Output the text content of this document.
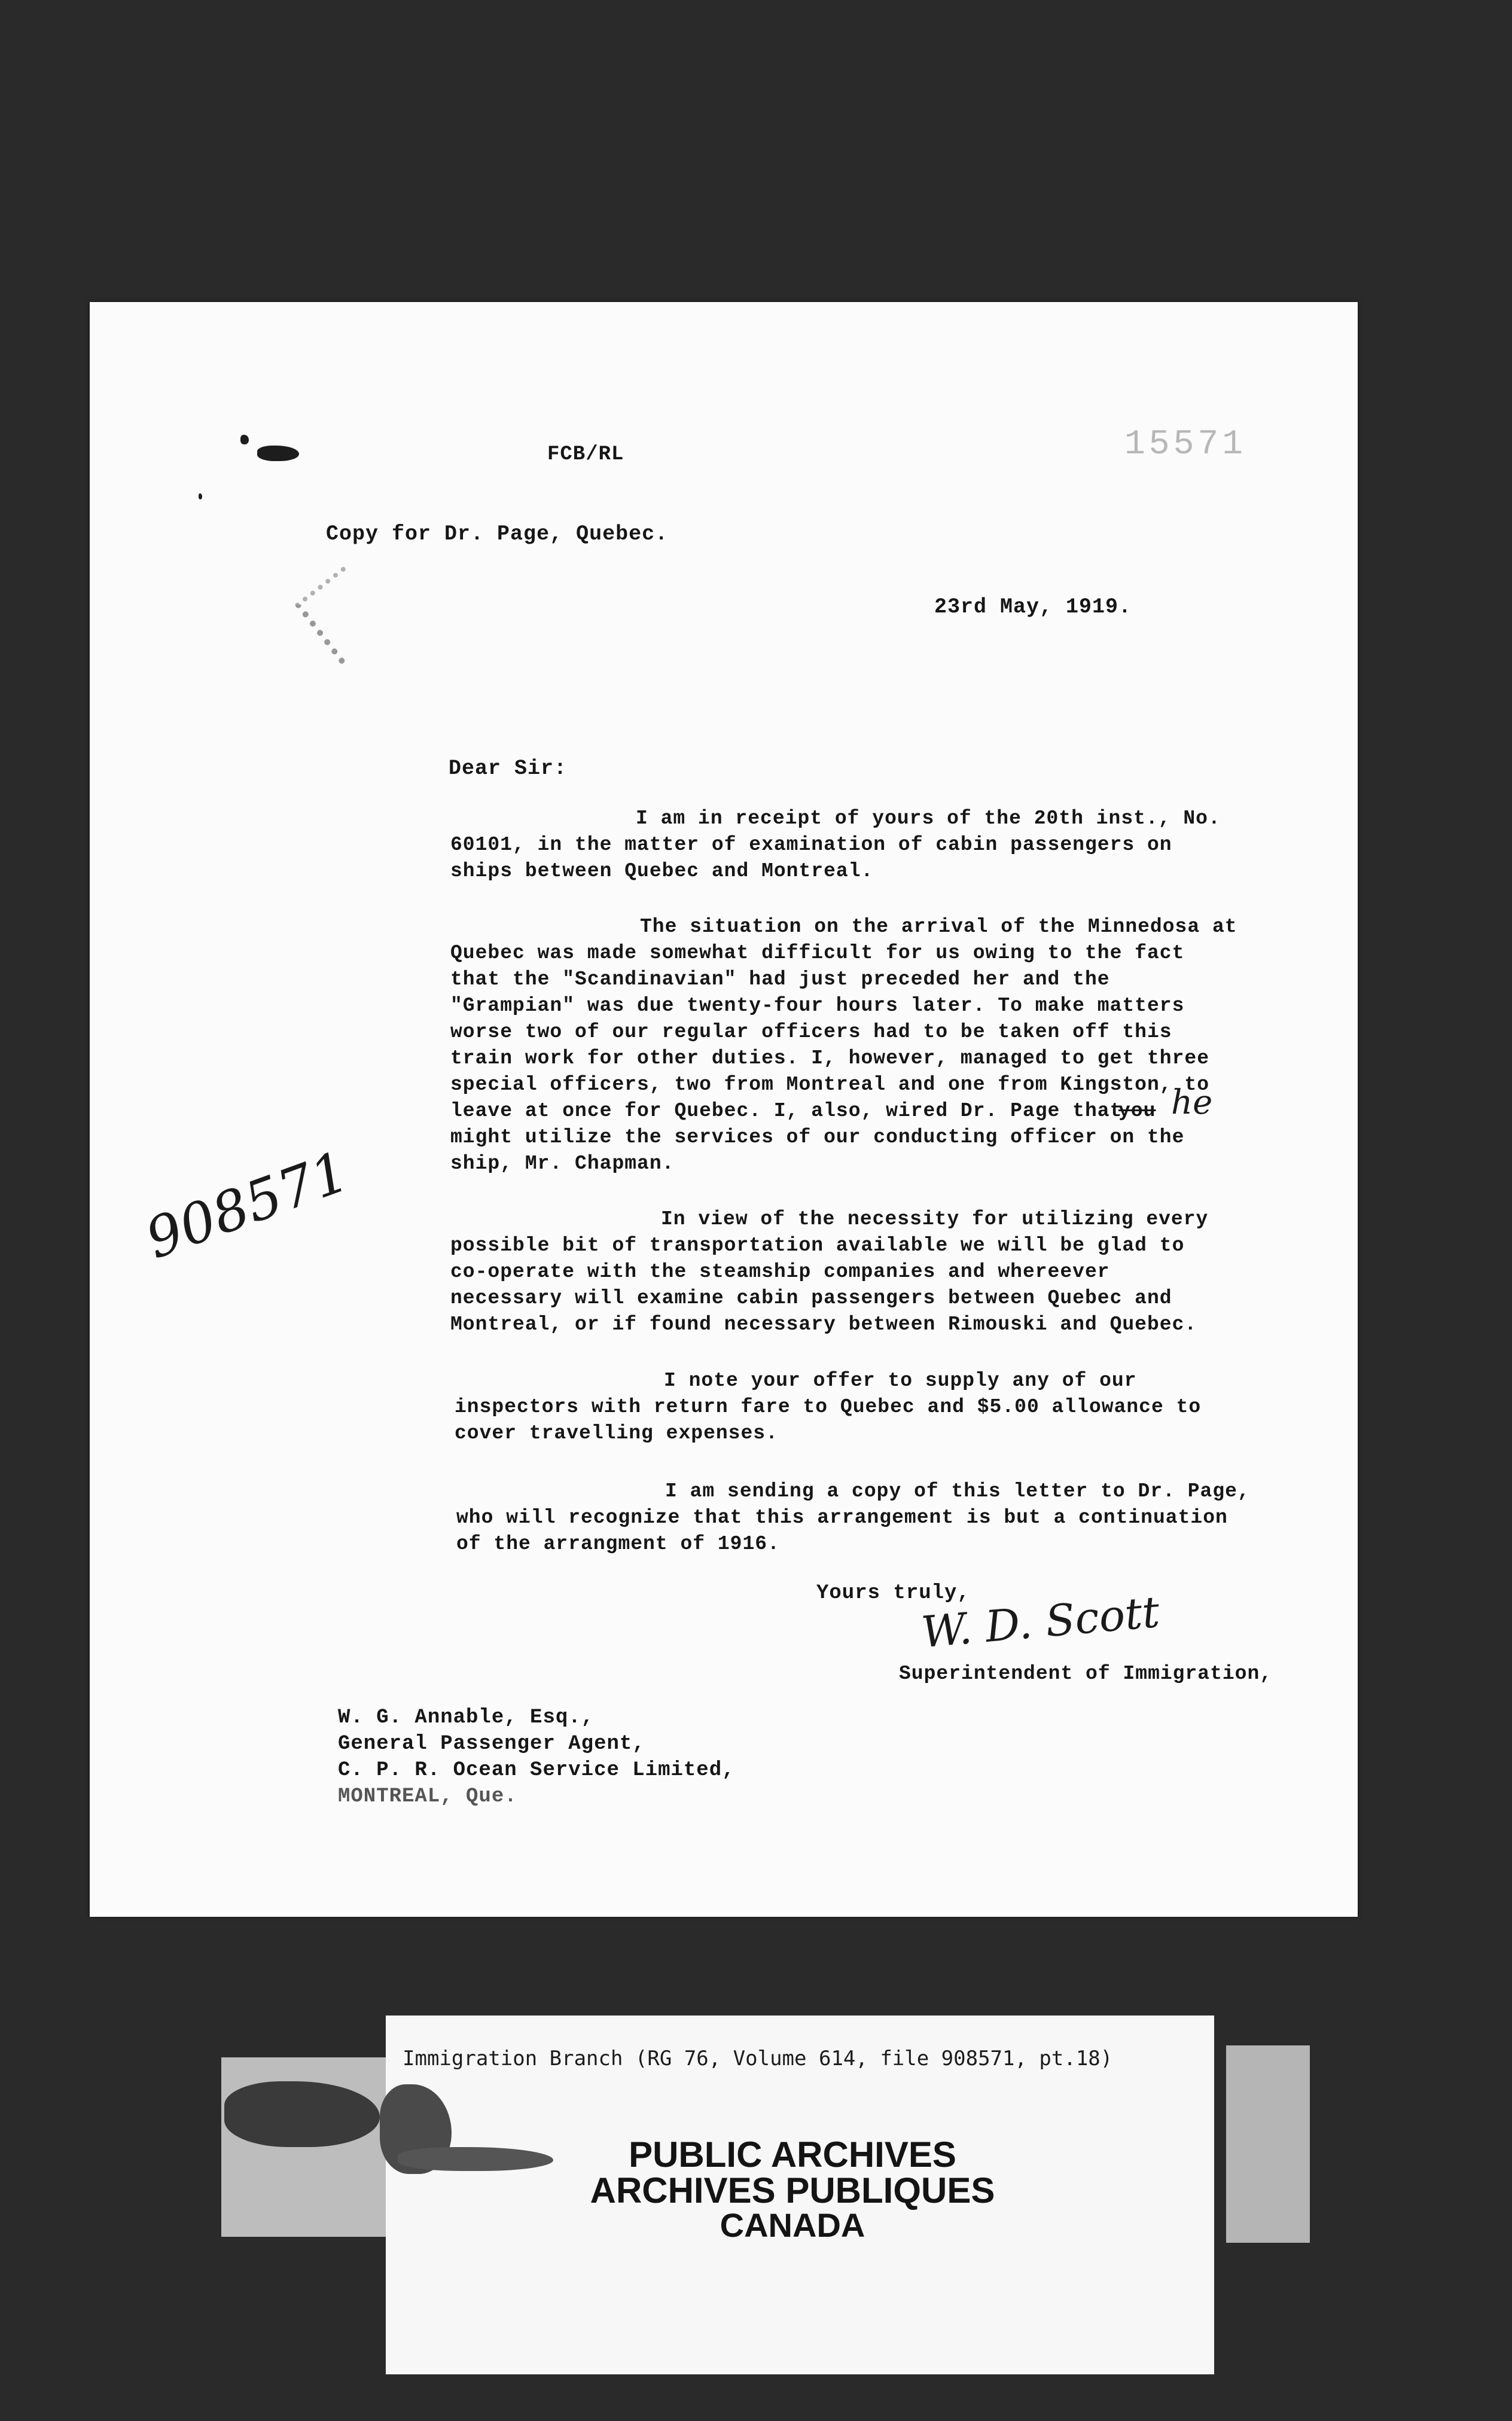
FCB/RL	15571

Copy for Dr. Page, Quebec.

23rd May, 1919.

Dear Sir:

I am in receipt of yours of the 20th inst., No.

60101, in the matter of examination of cabin passengers on

ships between Quebec and Montreal.

The situation on the arrival of the Minnedosa at

Quebec was made somewhat difficult for us owing to the fact

that the "Scandinavian" had just preceded her and the

"Grampian" was due twenty-four hours later. To make matters

worse two of our regular officers had to be taken off this

train work for other duties. I, however, managed to get three

special officers, two from Montreal and one from Kingston, to

leave at once for Quebec. I, also, wired Dr. Page that

you he

might utilize the services of our conducting officer on the

ship, Mr. Chapman.

In view of the necessity for utilizing every

possible bit of transportation available we will be glad to

co-operate with the steamship companies and whereever

necessary will examine cabin passengers between Quebec and

Montreal, or if found necessary between Rimouski and Quebec.

I note your offer to supply any of our

inspectors with return fare to Quebec and $5.00 allowance to

cover travelling expenses.

I am sending a copy of this letter to Dr. Page,

who will recognize that this arrangement is but a continuation

of the arrangment of 1916.

908571

Yours truly,

W. D. Scott

Superintendent of Immigration,

W. G. Annable, Esq.,

General Passenger Agent,

C. P. R. Ocean Service Limited,

MONTREAL, Que.

Immigration Branch (RG 76, Volume 614, file 908571, pt.18)
PUBLIC ARCHIVES
ARCHIVES PUBLIQUES
CANADA
